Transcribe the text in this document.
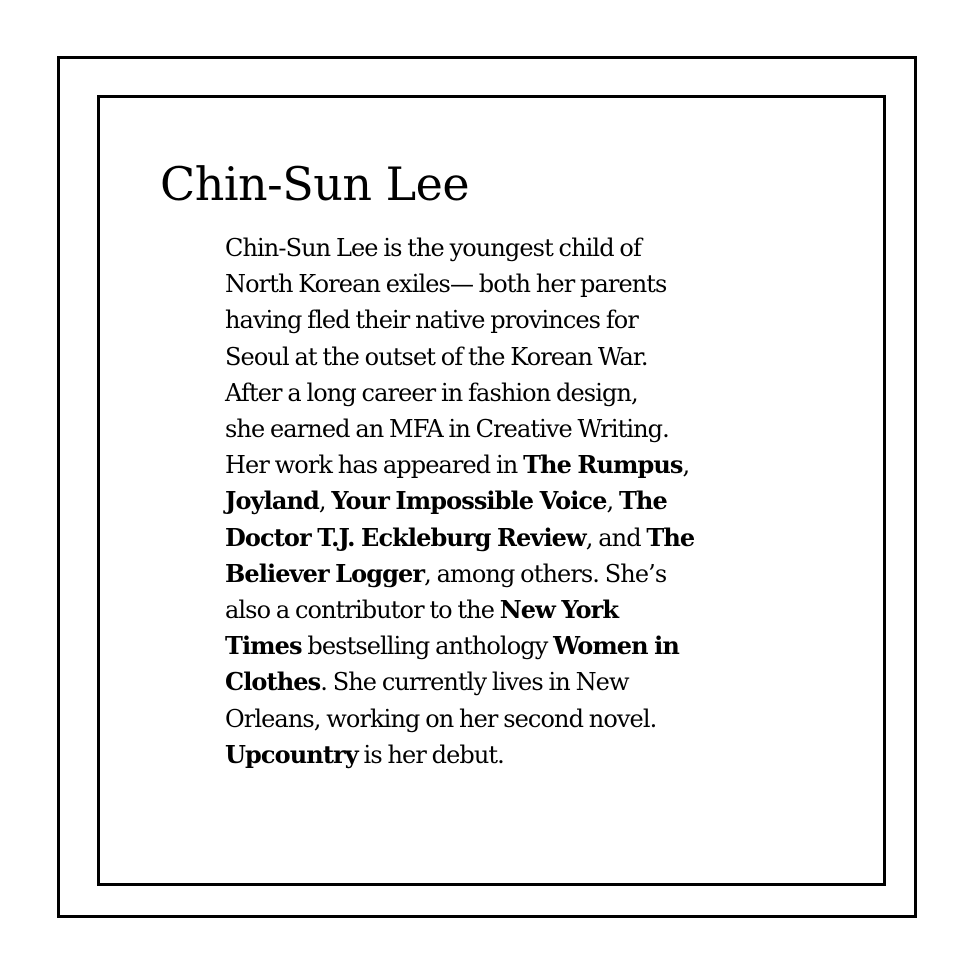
Chin-Sun Lee
Chin-Sun Lee is the youngest child of
North Korean exiles— both her parents
having fled their native provinces for
Seoul at the outset of the Korean War.
After a long career in fashion design,
she earned an MFA in Creative Writing.
Her work has appeared in The Rumpus,
Joyland, Your Impossible Voice, The
Doctor T.J. Eckleburg Review, and The
Believer Logger, among others. She’s
also a contributor to the New York
Times bestselling anthology Women in
Clothes. She currently lives in New
Orleans, working on her second novel.
Upcountry is her debut.
